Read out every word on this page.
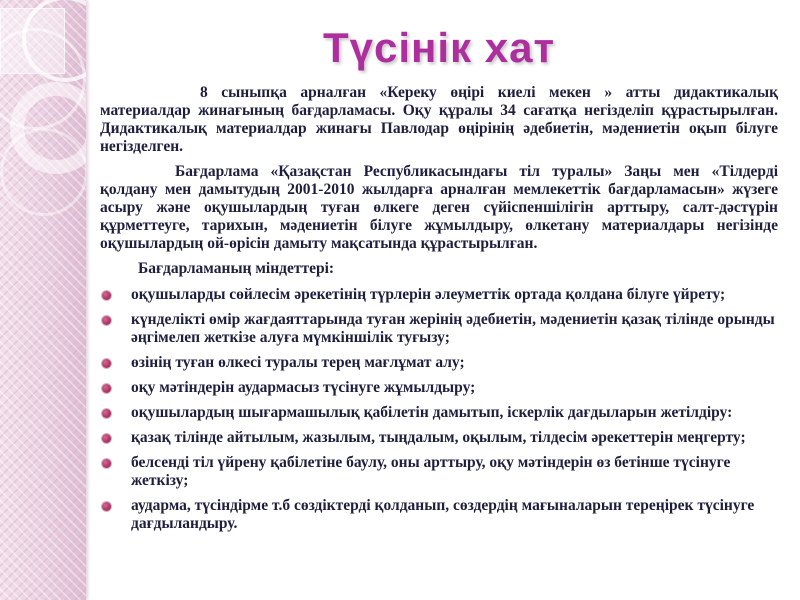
Түсінік хат

8 сыныпқа арналған «Кереку өңірі киелі мекен » атты дидактикалық материалдар жинағының бағдарламасы. Оқу құралы 34 сағатқа негізделіп құрастырылған. Дидактикалық материалдар жинағы Павлодар өңірінің әдебиетін, мәдениетін оқып білуге негізделген.

Бағдарлама «Қазақстан Республикасындағы тіл туралы» Заңы мен «Тілдерді қолдану мен дамытудың 2001-2010 жылдарға арналған мемлекеттік бағдарламасын» жүзеге асыру және оқушылардың туған өлкеге деген сүйіспеншілігін арттыру, салт-дәстүрін құрметтеуге, тарихын, мәдениетін білуге жұмылдыру, өлкетану материалдары негізінде оқушылардың ой-өрісін дамыту мақсатында құрастырылған.

Бағдарламаның міндеттері:

оқушыларды сөйлесім әрекетінің түрлерін әлеуметтік ортада қолдана білуге үйрету;
күнделікті өмір жағдаяттарында туған жерінің әдебиетін, мәдениетін қазақ тілінде орынды әңгімелеп жеткізе алуға мүмкіншілік туғызу;
өзінің туған өлкесі туралы терең мағлұмат алу;
оқу мәтіндерін аудармасыз түсінуге жұмылдыру;
оқушылардың шығармашылық қабілетін дамытып, іскерлік дағдыларын жетілдіру:
қазақ тілінде айтылым, жазылым, тыңдалым, оқылым, тілдесім әрекеттерін меңгерту;
белсенді тіл үйрену қабілетіне баулу, оны арттыру, оқу мәтіндерін өз бетінше түсінуге жеткізу;
аударма, түсіндірме т.б сөздіктерді қолданып, сөздердің мағыналарын тереңірек түсінуге дағдыландыру.
